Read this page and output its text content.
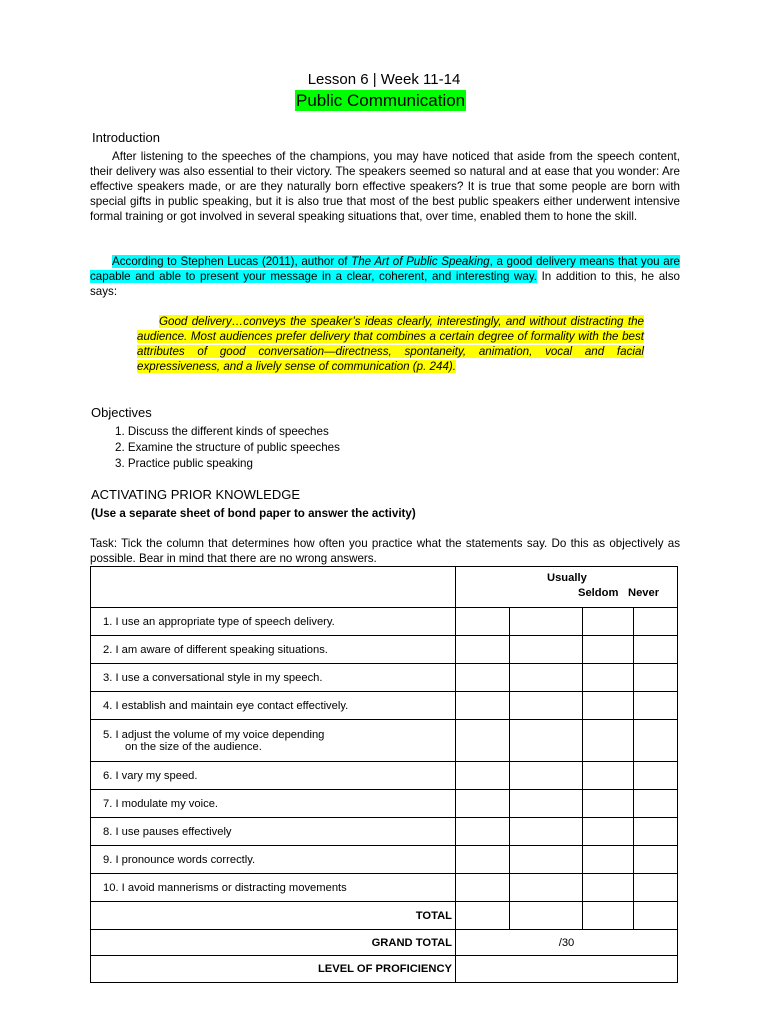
Lesson 6 | Week 11-14
Public Communication
Introduction
After listening to the speeches of the champions, you may have noticed that aside from the speech content, their delivery was also essential to their victory. The speakers seemed so natural and at ease that you wonder: Are effective speakers made, or are they naturally born effective speakers? It is true that some people are born with special gifts in public speaking, but it is also true that most of the best public speakers either underwent intensive formal training or got involved in several speaking situations that, over time, enabled them to hone the skill.
According to Stephen Lucas (2011), author of The Art of Public Speaking, a good delivery means that you are capable and able to present your message in a clear, coherent, and interesting way. In addition to this, he also says:
Good delivery…conveys the speaker’s ideas clearly, interestingly, and without distracting the audience. Most audiences prefer delivery that combines a certain degree of formality with the best attributes of good conversation—directness, spontaneity, animation, vocal and facial expressiveness, and a lively sense of communication (p. 244).
Objectives
1. Discuss the different kinds of speeches
2. Examine the structure of public speeches
3. Practice public speaking
ACTIVATING PRIOR KNOWLEDGE
(Use a separate sheet of bond paper to answer the activity)
Task: Tick the column that determines how often you practice what the statements say. Do this as objectively as possible. Bear in mind that there are no wrong answers.

	Usually
Seldom Never			

1. I use an appropriate type of speech delivery.				
2. I am aware of different speaking situations.				
3. I use a conversational style in my speech.				
4. I establish and maintain eye contact effectively.				

5. I adjust the volume of my voice depending
on the size of the audience.				

6. I vary my speed.				
7. I modulate my voice.				
8. I use pauses effectively				
9. I pronounce words correctly.				
10. I avoid mannerisms or distracting movements				
TOTAL				
GRAND TOTAL	/30			
LEVEL OF PROFICIENCY				
